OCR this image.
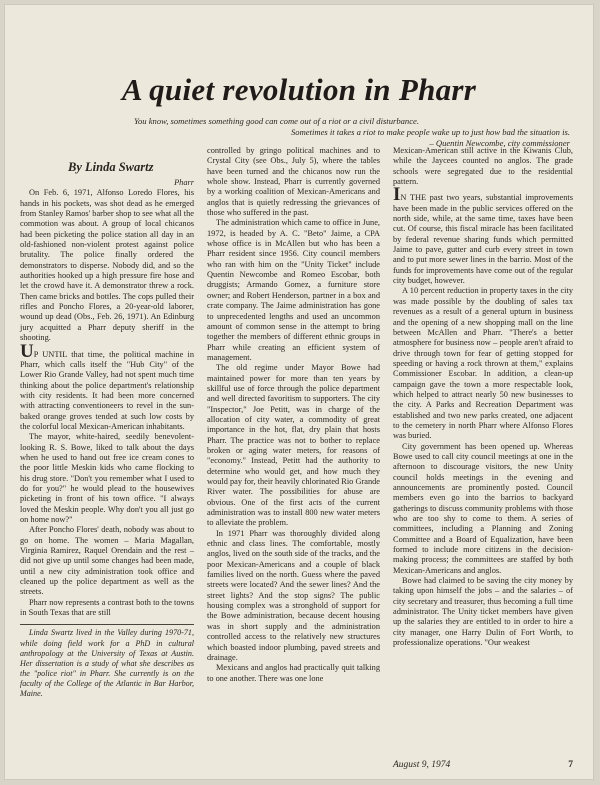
A quiet revolution in Pharr
You know, sometimes something good can come out of a riot or a civil disturbance.
Sometimes it takes a riot to make people wake up to just how bad the situation is.
– Quentin Newcombe, city commissioner
By Linda Swartz

Pharr

On Feb. 6, 1971, Alfonso Loredo Flores, his hands in his pockets, was shot dead as he emerged from Stanley Ramos' barber shop to see what all the commotion was about. A group of local chicanos had been picketing the police station all day in an old-fashioned non-violent protest against police brutality. The police finally ordered the demonstrators to disperse. Nobody did, and so the authorities hooked up a high pressure fire hose and let the crowd have it. A demonstrator threw a rock. Then came bricks and bottles. The cops pulled their rifles and Poncho Flores, a 20-year-old laborer, wound up dead (Obs., Feb. 26, 1971). An Edinburg jury acquitted a Pharr deputy sheriff in the shooting.

UP UNTIL that time, the political machine in Pharr, which calls itself the "Hub City" of the Lower Rio Grande Valley, had not spent much time thinking about the police department's relationship with city residents. It had been more concerned with attracting conventioneers to revel in the sun-baked orange groves tended at such low costs by the colorful local Mexican-American inhabitants.

The mayor, white-haired, seedily benevolent-looking R. S. Bowe, liked to talk about the days when he used to hand out free ice cream cones to the poor little Meskin kids who came flocking to his drug store. "Don't you remember what I used to do for you?" he would plead to the housewives picketing in front of his town office. "I always loved the Meskin people. Why don't you all just go on home now?"

After Poncho Flores' death, nobody was about to go on home. The women – Maria Magallan, Virginia Ramirez, Raquel Orendain and the rest – did not give up until some changes had been made, until a new city administration took office and cleaned up the police department as well as the streets.

Pharr now represents a contrast both to the towns in South Texas that are still

Linda Swartz lived in the Valley during 1970-71, while doing field work for a PhD in cultural anthropology at the University of Texas at Austin. Her dissertation is a study of what she describes as the "police riot" in Pharr. She currently is on the faculty of the College of the Atlantic in Bar Harbor, Maine.

controlled by gringo political machines and to Crystal City (see Obs., July 5), where the tables have been turned and the chicanos now run the whole show. Instead, Pharr is currently governed by a working coalition of Mexican-Americans and anglos that is quietly redressing the grievances of those who suffered in the past.

The administration which came to office in June, 1972, is headed by A. C. "Beto" Jaime, a CPA whose office is in McAllen but who has been a Pharr resident since 1956. City council members who ran with him on the "Unity Ticket" include Quentin Newcombe and Romeo Escobar, both druggists; Armando Gomez, a furniture store owner; and Robert Henderson, partner in a box and crate company. The Jaime administration has gone to unprecedented lengths and used an uncommon amount of common sense in the attempt to bring together the members of different ethnic groups in Pharr while creating an efficient system of management.

The old regime under Mayor Bowe had maintained power for more than ten years by skillful use of force through the police department and well directed favoritism to supporters. The city "Inspector," Joe Petitt, was in charge of the allocation of city water, a commodity of great importance in the hot, flat, dry plain that hosts Pharr. The practice was not to bother to replace broken or aging water meters, for reasons of "economy." Instead, Petitt had the authority to determine who would get, and how much they would pay for, their heavily chlorinated Rio Grande River water. The possibilities for abuse are obvious. One of the first acts of the current administration was to install 800 new water meters to alleviate the problem.

In 1971 Pharr was thoroughly divided along ethnic and class lines. The comfortable, mostly anglos, lived on the south side of the tracks, and the poor Mexican-Americans and a couple of black families lived on the north. Guess where the paved streets were located? And the sewer lines? And the street lights? And the stop signs? The public housing complex was a stronghold of support for the Bowe administration, because decent housing was in short supply and the administration controlled access to the relatively new structures which boasted indoor plumbing, paved streets and drainage.

Mexicans and anglos had practically quit talking to one another. There was one lone

Mexican-American still active in the Kiwanis Club, while the Jaycees counted no anglos. The grade schools were segregated due to the residential pattern.

IN THE past two years, substantial improvements have been made in the public services offered on the north side, while, at the same time, taxes have been cut. Of course, this fiscal miracle has been facilitated by federal revenue sharing funds which permitted Jaime to pave, gutter and curb every street in town and to put more sewer lines in the barrio. Most of the funds for improvements have come out of the regular city budget, however.

A 10 percent reduction in property taxes in the city was made possible by the doubling of sales tax revenues as a result of a general upturn in business and the opening of a new shopping mall on the line between McAllen and Pharr. "There's a better atmosphere for business now – people aren't afraid to drive through town for fear of getting stopped for speeding or having a rock thrown at them," explains Commissioner Escobar. In addition, a clean-up campaign gave the town a more respectable look, which helped to attract nearly 50 new businesses to the city. A Parks and Recreation Department was established and two new parks created, one adjacent to the cemetery in north Pharr where Alfonso Flores was buried.

City government has been opened up. Whereas Bowe used to call city council meetings at one in the afternoon to discourage visitors, the new Unity council holds meetings in the evening and announcements are prominently posted. Council members even go into the barrios to backyard gatherings to discuss community problems with those who are too shy to come to them. A series of committees, including a Planning and Zoning Committee and a Board of Equalization, have been formed to include more citizens in the decision-making process; the committees are staffed by both Mexican-Americans and anglos.

Bowe had claimed to be saving the city money by taking upon himself the jobs – and the salaries – of city secretary and treasurer, thus becoming a full time administrator. The Unity ticket members have given up the salaries they are entitled to in order to hire a city manager, one Harry Dulin of Fort Worth, to professionalize operations. "Our weakest

August 9, 1974	7
